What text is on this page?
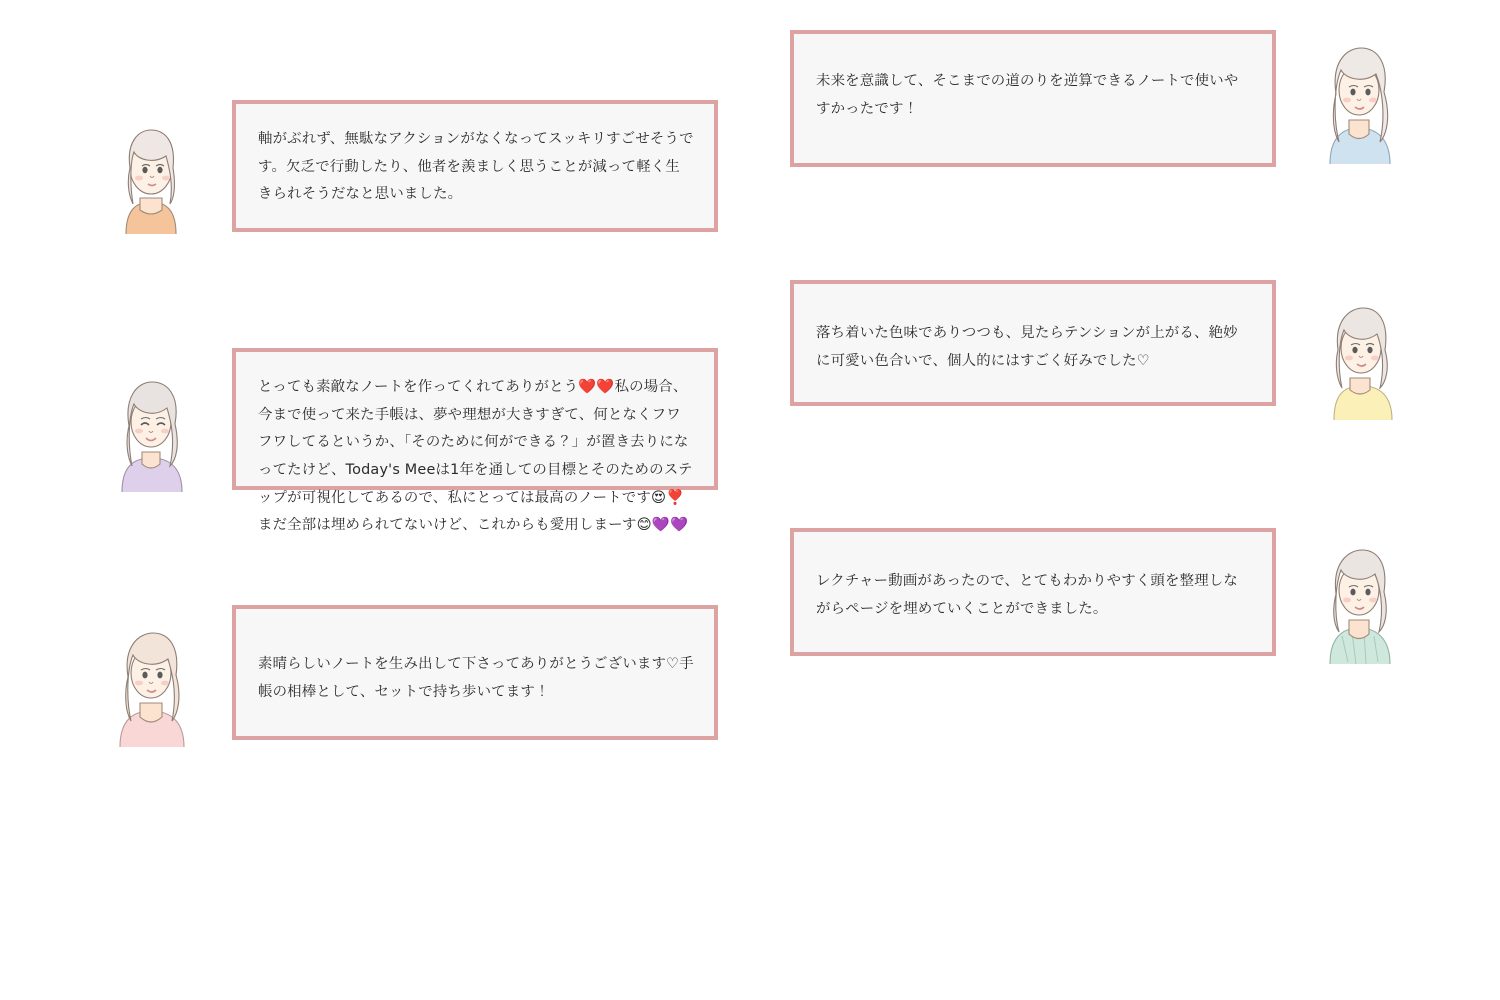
軸がぶれず、無駄なアクションがなくなってスッキリすごせそうです。欠乏で行動したり、他者を羨ましく思うことが減って軽く生きられそうだなと思いました。

とっても素敵なノートを作ってくれてありがとう❤️❤️私の場合、今まで使って来た手帳は、夢や理想が大きすぎて、何となくフワフワしてるというか、「そのために何ができる？」が置き去りになってたけど、Today's Meeは1年を通しての目標とそのためのステップが可視化してあるので、私にとっては最高のノートです😍❣️まだ全部は埋められてないけど、これからも愛用しまーす😊💜💜

素晴らしいノートを生み出して下さってありがとうございます♡手帳の相棒として、セットで持ち歩いてます！

未来を意識して、そこまでの道のりを逆算できるノートで使いやすかったです！

落ち着いた色味でありつつも、見たらテンションが上がる、絶妙に可愛い色合いで、個人的にはすごく好みでした♡

レクチャー動画があったので、とてもわかりやすく頭を整理しながらページを埋めていくことができました。
